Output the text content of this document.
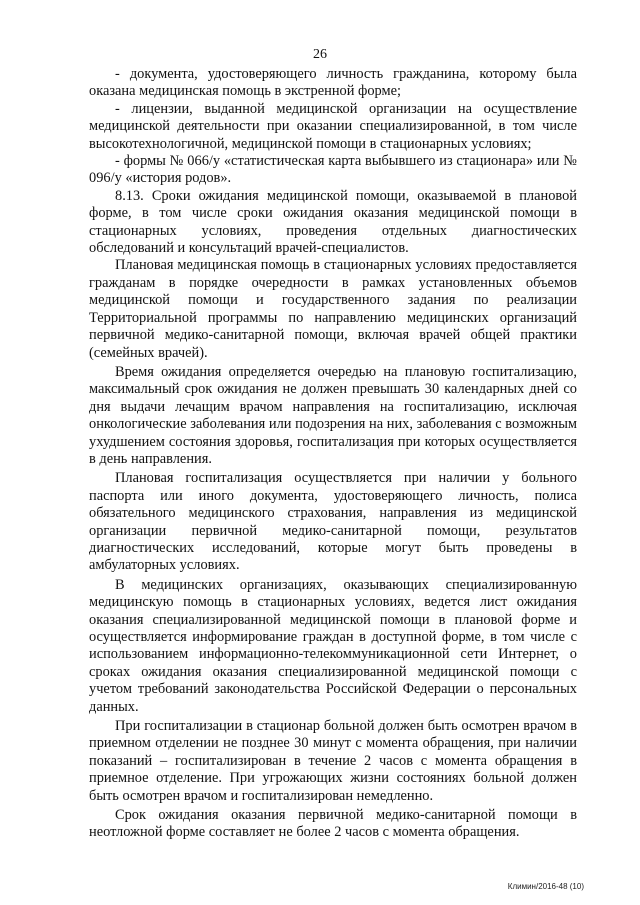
26

- документа, удостоверяющего личность гражданина, которому была оказана медицинская помощь в экстренной форме;

- лицензии, выданной медицинской организации на осуществление медицинской деятельности при оказании специализированной, в том числе высокотехнологичной, медицинской помощи в стационарных условиях;

- формы № 066/у «статистическая карта выбывшего из стационара» или № 096/у «история родов».

8.13. Сроки ожидания медицинской помощи, оказываемой в плановой форме, в том числе сроки ожидания оказания медицинской помощи в стационарных условиях, проведения отдельных диагностических обследований и консультаций врачей-специалистов.

Плановая медицинская помощь в стационарных условиях предоставляется гражданам в порядке очередности в рамках установленных объемов медицинской помощи и государственного задания по реализации Территориальной программы по направлению медицинских организаций первичной медико-санитарной помощи, включая врачей общей практики (семейных врачей).

Время ожидания определяется очередью на плановую госпитализацию, максимальный срок ожидания не должен превышать 30 календарных дней со дня выдачи лечащим врачом направления на госпитализацию, исключая онкологические заболевания или подозрения на них, заболевания с возможным ухудшением состояния здоровья, госпитализация при которых осуществляется в день направления.

Плановая госпитализация осуществляется при наличии у больного паспорта или иного документа, удостоверяющего личность, полиса обязательного медицинского страхования, направления из медицинской организации первичной медико-санитарной помощи, результатов диагностических исследований, которые могут быть проведены в амбулаторных условиях.

В медицинских организациях, оказывающих специализированную медицинскую помощь в стационарных условиях, ведется лист ожидания оказания специализированной медицинской помощи в плановой форме и осуществляется информирование граждан в доступной форме, в том числе с использованием информационно-телекоммуникационной сети Интернет, о сроках ожидания оказания специализированной медицинской помощи с учетом требований законодательства Российской Федерации о персональных данных.

При госпитализации в стационар больной должен быть осмотрен врачом в приемном отделении не позднее 30 минут с момента обращения, при наличии показаний – госпитализирован в течение 2 часов с момента обращения в приемное отделение. При угрожающих жизни состояниях больной должен быть осмотрен врачом и госпитализирован немедленно.

Срок ожидания оказания первичной медико-санитарной помощи в неотложной форме составляет не более 2 часов с момента обращения.

Климин/2016-48 (10)
